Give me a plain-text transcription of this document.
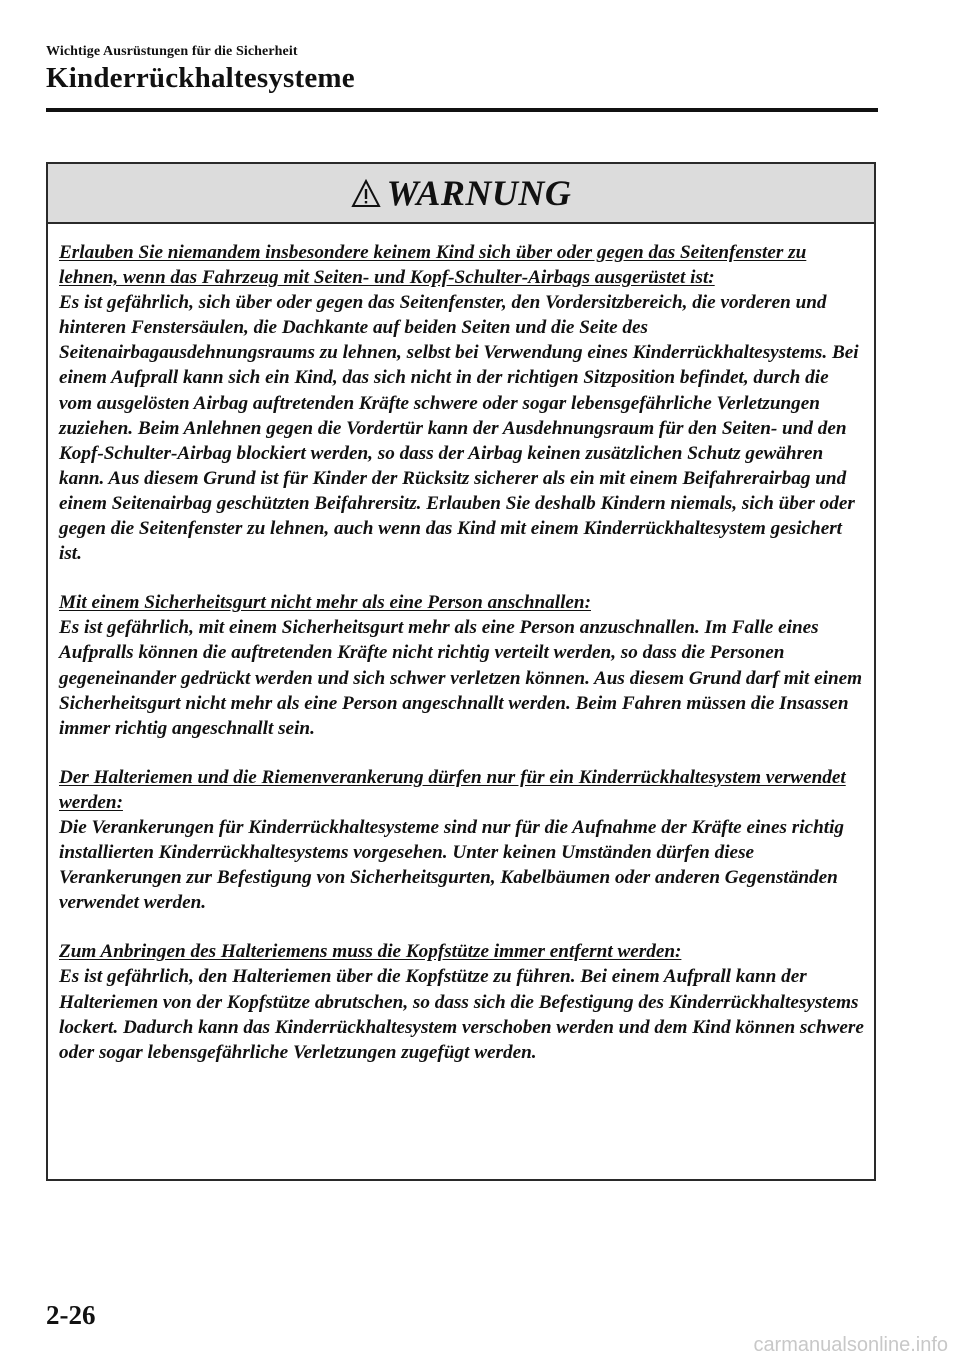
Wichtige Ausrüstungen für die Sicherheit
Kinderrückhaltesysteme
WARNUNG
Erlauben Sie niemandem insbesondere keinem Kind sich über oder gegen das Seitenfenster zu lehnen, wenn das Fahrzeug mit Seiten- und Kopf-Schulter-Airbags ausgerüstet ist:
Es ist gefährlich, sich über oder gegen das Seitenfenster, den Vordersitzbereich, die vorderen und hinteren Fenstersäulen, die Dachkante auf beiden Seiten und die Seite des Seitenairbagausdehnungsraums zu lehnen, selbst bei Verwendung eines Kinderrückhaltesystems. Bei einem Aufprall kann sich ein Kind, das sich nicht in der richtigen Sitzposition befindet, durch die vom ausgelösten Airbag auftretenden Kräfte schwere oder sogar lebensgefährliche Verletzungen zuziehen. Beim Anlehnen gegen die Vordertür kann der Ausdehnungsraum für den Seiten- und den Kopf-Schulter-Airbag blockiert werden, so dass der Airbag keinen zusätzlichen Schutz gewähren kann. Aus diesem Grund ist für Kinder der Rücksitz sicherer als ein mit einem Beifahrerairbag und einem Seitenairbag geschützten Beifahrersitz. Erlauben Sie deshalb Kindern niemals, sich über oder gegen die Seitenfenster zu lehnen, auch wenn das Kind mit einem Kinderrückhaltesystem gesichert ist.
Mit einem Sicherheitsgurt nicht mehr als eine Person anschnallen:
Es ist gefährlich, mit einem Sicherheitsgurt mehr als eine Person anzuschnallen. Im Falle eines Aufpralls können die auftretenden Kräfte nicht richtig verteilt werden, so dass die Personen gegeneinander gedrückt werden und sich schwer verletzen können. Aus diesem Grund darf mit einem Sicherheitsgurt nicht mehr als eine Person angeschnallt werden. Beim Fahren müssen die Insassen immer richtig angeschnallt sein.
Der Halteriemen und die Riemenverankerung dürfen nur für ein Kinderrückhaltesystem verwendet werden:
Die Verankerungen für Kinderrückhaltesysteme sind nur für die Aufnahme der Kräfte eines richtig installierten Kinderrückhaltesystems vorgesehen. Unter keinen Umständen dürfen diese Verankerungen zur Befestigung von Sicherheitsgurten, Kabelbäumen oder anderen Gegenständen verwendet werden.
Zum Anbringen des Halteriemens muss die Kopfstütze immer entfernt werden:
Es ist gefährlich, den Halteriemen über die Kopfstütze zu führen. Bei einem Aufprall kann der Halteriemen von der Kopfstütze abrutschen, so dass sich die Befestigung des Kinderrückhaltesystems lockert. Dadurch kann das Kinderrückhaltesystem verschoben werden und dem Kind können schwere oder sogar lebensgefährliche Verletzungen zugefügt werden.
2-26
carmanualsonline.info
